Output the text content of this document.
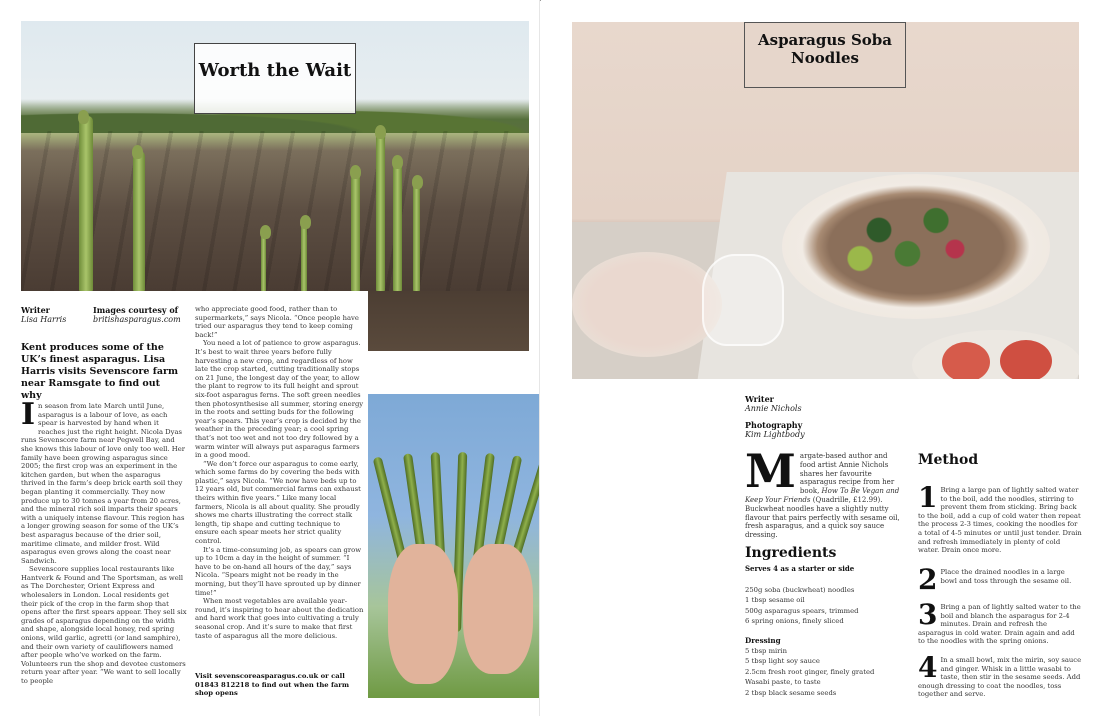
Worth the Wait
Writer
Lisa Harris
Images courtesy of
britishasparagus.com
Kent produces some of the UK’s finest asparagus. Lisa Harris visits Sevenscore farm near Ramsgate to find out why

In season from late March until June, asparagus is a labour of love, as each spear is harvested by hand when it reaches just the right height. Nicola Dyas runs Sevenscore farm near Pegwell Bay, and she knows this labour of love only too well. Her family have been growing asparagus since 2005; the first crop was an experiment in the kitchen garden, but when the asparagus thrived in the farm’s deep brick earth soil they began planting it commercially. They now produce up to 30 tonnes a year from 20 acres, and the mineral rich soil imparts their spears with a uniquely intense flavour. This region has a longer growing season for some of the UK’s best asparagus because of the drier soil, maritime climate, and milder frost. Wild asparagus even grows along the coast near Sandwich.

Sevenscore supplies local restaurants like Hantverk & Found and The Sportsman, as well as The Dorchester, Orient Express and wholesalers in London. Local residents get their pick of the crop in the farm shop that opens after the first spears appear. They sell six grades of asparagus depending on the width and shape, alongside local honey, red spring onions, wild garlic, agretti (or land samphire), and their own variety of cauliflowers named after people who’ve worked on the farm. Volunteers run the shop and devotee customers return year after year. “We want to sell locally to people

who appreciate good food, rather than to supermarkets,” says Nicola. “Once people have tried our asparagus they tend to keep coming back!”

You need a lot of patience to grow asparagus. It’s best to wait three years before fully harvesting a new crop, and regardless of how late the crop started, cutting traditionally stops on 21 June, the longest day of the year, to allow the plant to regrow to its full height and sprout six-foot asparagus ferns. The soft green needles then photosynthesise all summer, storing energy in the roots and setting buds for the following year’s spears. This year’s crop is decided by the weather in the preceding year; a cool spring that’s not too wet and not too dry followed by a warm winter will always put asparagus farmers in a good mood.

“We don’t force our asparagus to come early, which some farms do by covering the beds with plastic,” says Nicola. “We now have beds up to 12 years old, but commercial farms can exhaust theirs within five years.” Like many local farmers, Nicola is all about quality. She proudly shows me charts illustrating the correct stalk length, tip shape and cutting technique to ensure each spear meets her strict quality control.

It’s a time-consuming job, as spears can grow up to 10cm a day in the height of summer. “I have to be on-hand all hours of the day,” says Nicola. “Spears might not be ready in the morning, but they’ll have sprouted up by dinner time!”

When most vegetables are available year-round, it’s inspiring to hear about the dedication and hard work that goes into cultivating a truly seasonal crop. And it’s sure to make that first taste of asparagus all the more delicious.

Visit sevenscoreasparagus.co.uk or call 01843 812218 to find out when the farm shop opens

Asparagus Soba Noodles
Writer
Annie Nichols
Photography
Kim Lightbody

Margate-based author and food artist Annie Nichols shares her favourite asparagus recipe from her book, How To Be Vegan and Keep Your Friends (Quadrille, £12.99). Buckwheat noodles have a slightly nutty flavour that pairs perfectly with sesame oil, fresh asparagus, and a quick soy sauce dressing.

Ingredients
Serves 4 as a starter or side
250g soba (buckwheat) noodles
1 tbsp sesame oil
500g asparagus spears, trimmed
6 spring onions, finely sliced
Dressing
5 tbsp mirin
5 tbsp light soy sauce
2.5cm fresh root ginger, finely grated
Wasabi paste, to taste
2 tbsp black sesame seeds
Method
1 Bring a large pan of lightly salted water to the boil, add the noodles, stirring to prevent them from sticking. Bring back to the boil, add a cup of cold water then repeat the process 2-3 times, cooking the noodles for a total of 4-5 minutes or until just tender. Drain and refresh immediately in plenty of cold water. Drain once more.
2 Place the drained noodles in a large bowl and toss through the sesame oil.
3 Bring a pan of lightly salted water to the boil and blanch the asparagus for 2-4 minutes. Drain and refresh the asparagus in cold water. Drain again and add to the noodles with the spring onions.
4 In a small bowl, mix the mirin, soy sauce and ginger. Whisk in a little wasabi to taste, then stir in the sesame seeds. Add enough dressing to coat the noodles, toss together and serve.
